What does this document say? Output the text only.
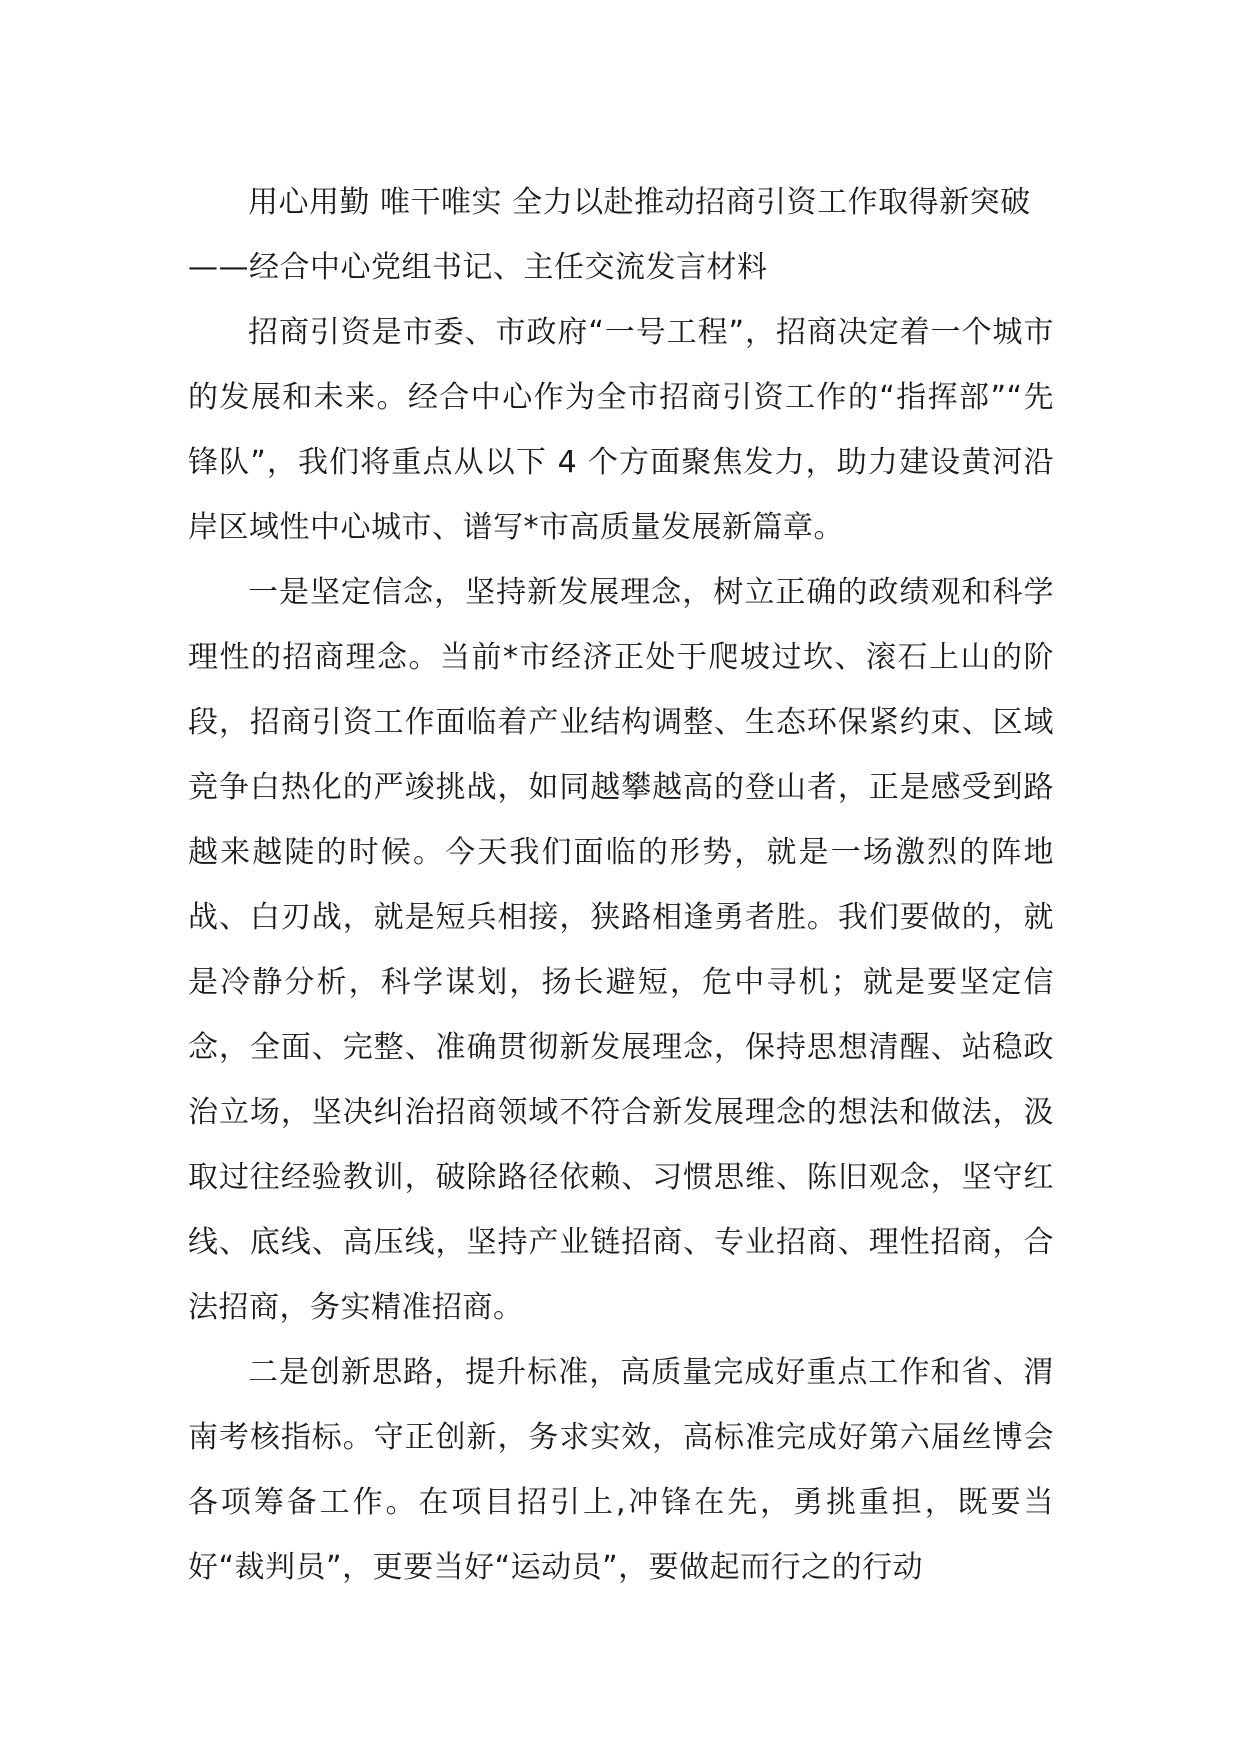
用心用勤 唯干唯实 全力以赴推动招商引资工作取得新突破

——经合中心党组书记、主任交流发言材料

招商引资是市委、市政府“一号工程”，招商决定着一个城市的发展和未来。经合中心作为全市招商引资工作的“指挥部”“先锋队”，我们将重点从以下 4 个方面聚焦发力，助力建设黄河沿岸区域性中心城市、谱写*市高质量发展新篇章。

一是坚定信念，坚持新发展理念，树立正确的政绩观和科学理性的招商理念。当前*市经济正处于爬坡过坎、滚石上山的阶段，招商引资工作面临着产业结构调整、生态环保紧约束、区域竞争白热化的严竣挑战，如同越攀越高的登山者，正是感受到路越来越陡的时候。今天我们面临的形势，就是一场激烈的阵地战、白刃战，就是短兵相接，狭路相逢勇者胜。我们要做的，就是冷静分析，科学谋划，扬长避短，危中寻机；就是要坚定信念，全面、完整、准确贯彻新发展理念，保持思想清醒、站稳政治立场，坚决纠治招商领域不符合新发展理念的想法和做法，汲取过往经验教训，破除路径依赖、习惯思维、陈旧观念，坚守红线、底线、高压线，坚持产业链招商、专业招商、理性招商，合法招商，务实精准招商。

二是创新思路，提升标准，高质量完成好重点工作和省、渭南考核指标。守正创新，务求实效，高标准完成好第六届丝博会各项筹备工作。在项目招引上,冲锋在先，勇挑重担，既要当好“裁判员”，更要当好“运动员”，要做起而行之的行动
